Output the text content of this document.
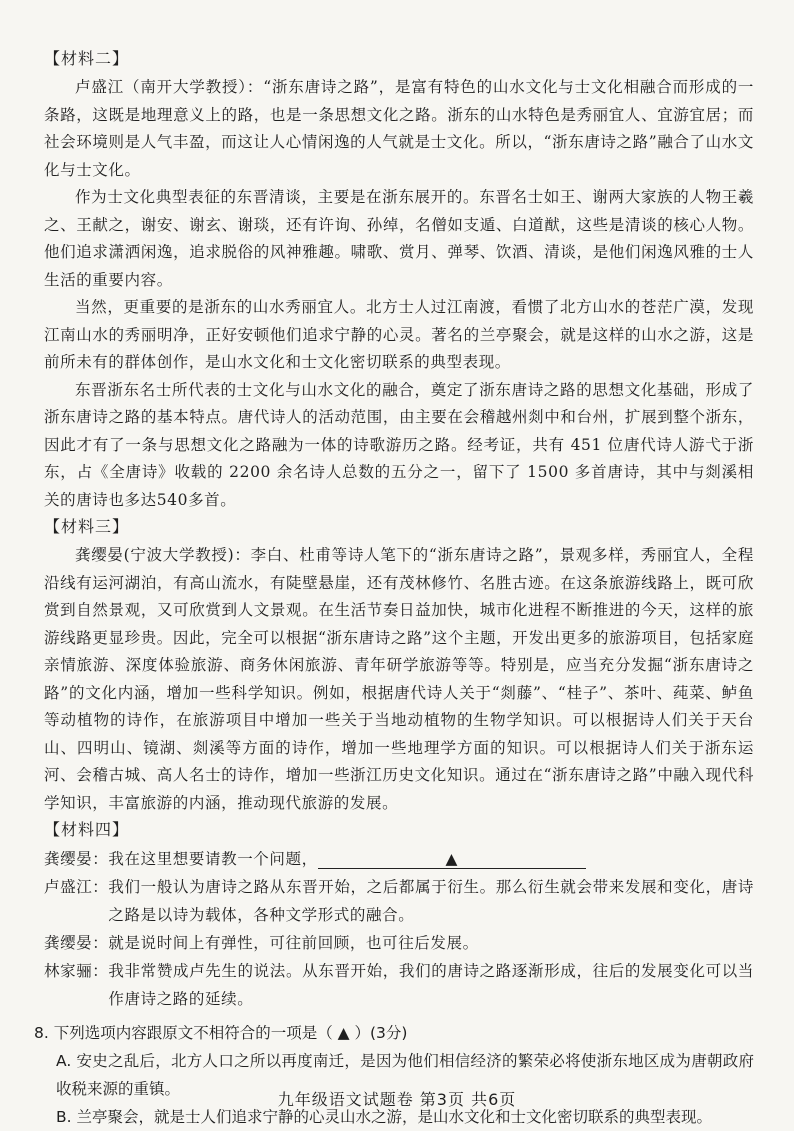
【材料二】

卢盛江（南开大学教授）：“浙东唐诗之路”，是富有特色的山水文化与士文化相融合而形成的一条路，这既是地理意义上的路，也是一条思想文化之路。浙东的山水特色是秀丽宜人、宜游宜居；而社会环境则是人气丰盈，而这让人心情闲逸的人气就是士文化。所以，“浙东唐诗之路”融合了山水文化与士文化。

作为士文化典型表征的东晋清谈，主要是在浙东展开的。东晋名士如王、谢两大家族的人物王羲之、王献之，谢安、谢玄、谢琰，还有许询、孙绰，名僧如支遁、白道猷，这些是清谈的核心人物。他们追求潇洒闲逸，追求脱俗的风神雅趣。啸歌、赏月、弹琴、饮酒、清谈，是他们闲逸风雅的士人生活的重要内容。

当然，更重要的是浙东的山水秀丽宜人。北方士人过江南渡，看惯了北方山水的苍茫广漠，发现江南山水的秀丽明净，正好安顿他们追求宁静的心灵。著名的兰亭聚会，就是这样的山水之游，这是前所未有的群体创作，是山水文化和士文化密切联系的典型表现。

东晋浙东名士所代表的士文化与山水文化的融合，奠定了浙东唐诗之路的思想文化基础，形成了浙东唐诗之路的基本特点。唐代诗人的活动范围，由主要在会稽越州剡中和台州，扩展到整个浙东，因此才有了一条与思想文化之路融为一体的诗歌游历之路。经考证，共有 451 位唐代诗人游弋于浙东，占《全唐诗》收载的 2200 余名诗人总数的五分之一，留下了 1500 多首唐诗，其中与剡溪相关的唐诗也多达540多首。

【材料三】

龚缨晏(宁波大学教授)：李白、杜甫等诗人笔下的“浙东唐诗之路”，景观多样，秀丽宜人，全程沿线有运河湖泊，有高山流水，有陡壁悬崖，还有茂林修竹、名胜古迹。在这条旅游线路上，既可欣赏到自然景观，又可欣赏到人文景观。在生活节奏日益加快，城市化进程不断推进的今天，这样的旅游线路更显珍贵。因此，完全可以根据“浙东唐诗之路”这个主题，开发出更多的旅游项目，包括家庭亲情旅游、深度体验旅游、商务休闲旅游、青年研学旅游等等。特别是，应当充分发掘“浙东唐诗之路”的文化内涵，增加一些科学知识。例如，根据唐代诗人关于“剡藤”、“桂子”、茶叶、莼菜、鲈鱼等动植物的诗作，在旅游项目中增加一些关于当地动植物的生物学知识。可以根据诗人们关于天台山、四明山、镜湖、剡溪等方面的诗作，增加一些地理学方面的知识。可以根据诗人们关于浙东运河、会稽古城、高人名士的诗作，增加一些浙江历史文化知识。通过在“浙东唐诗之路”中融入现代科学知识，丰富旅游的内涵，推动现代旅游的发展。

【材料四】
龚缨晏： 我在这里想要请教一个问题，	▲
卢盛江： 我们一般认为唐诗之路从东晋开始，之后都属于衍生。那么衍生就会带来发展和变化，唐诗之路是以诗为载体，各种文学形式的融合。
龚缨晏： 就是说时间上有弹性，可往前回顾，也可往后发展。
林家骊： 我非常赞成卢先生的说法。从东晋开始，我们的唐诗之路逐渐形成，往后的发展变化可以当作唐诗之路的延续。
8. 下列选项内容跟原文不相符合的一项是（ ▲ ）(3分)
A. 安史之乱后，北方人口之所以再度南迁，是因为他们相信经济的繁荣必将使浙东地区成为唐朝政府收税来源的重镇。
B. 兰亭聚会，就是士人们追求宁静的心灵山水之游，是山水文化和士文化密切联系的典型表现。
九年级语文试题卷 第3页 共6页
